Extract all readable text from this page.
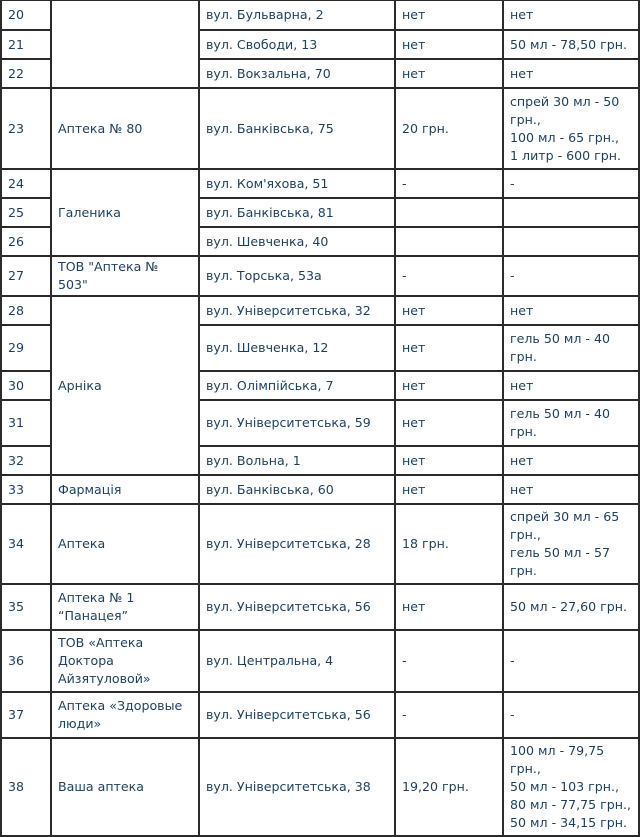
20		вул. Бульварна, 2	нет	нет
21		вул. Свободи, 13	нет	50 мл - 78,50 грн.
22		вул. Вокзальна, 70	нет	нет
23	Аптека № 80	вул. Банківська, 75	20 грн.	спрей 30 мл - 50
грн.,
100 мл - 65 грн.,
1 литр - 600 грн.
24	Галеника	вул. Ком'яхова, 51	-	-
25		вул. Банківська, 81		
26		вул. Шевченка, 40		
27	ТОВ "Аптека № 503"	вул. Торська, 53а	-	-
28	Арніка	вул. Університетська, 32	нет	нет
29		вул. Шевченка, 12	нет	гель 50 мл - 40
грн.
30		вул. Олімпійська, 7	нет	нет
31		вул. Університетська, 59	нет	гель 50 мл - 40
грн.
32		вул. Вольна, 1	нет	нет
33	Фармація	вул. Банківська, 60	нет	нет
34	Аптека	вул. Університетська, 28	18 грн.	спрей 30 мл - 65
грн.,
гель 50 мл - 57
грн.
35	Аптека № 1
“Панацея”	вул. Університетська, 56	нет	50 мл - 27,60 грн.
36	ТОВ «Аптека
Доктора
Айзятуловой»	вул. Центральна, 4	-	-
37	Аптека «Здоровые
люди»	вул. Університетська, 56	-	-
38	Ваша аптека	вул. Університетська, 38	19,20 грн.	100 мл - 79,75
грн.,
50 мл - 103 грн.,
80 мл - 77,75 грн.,
50 мл - 34,15 грн.
